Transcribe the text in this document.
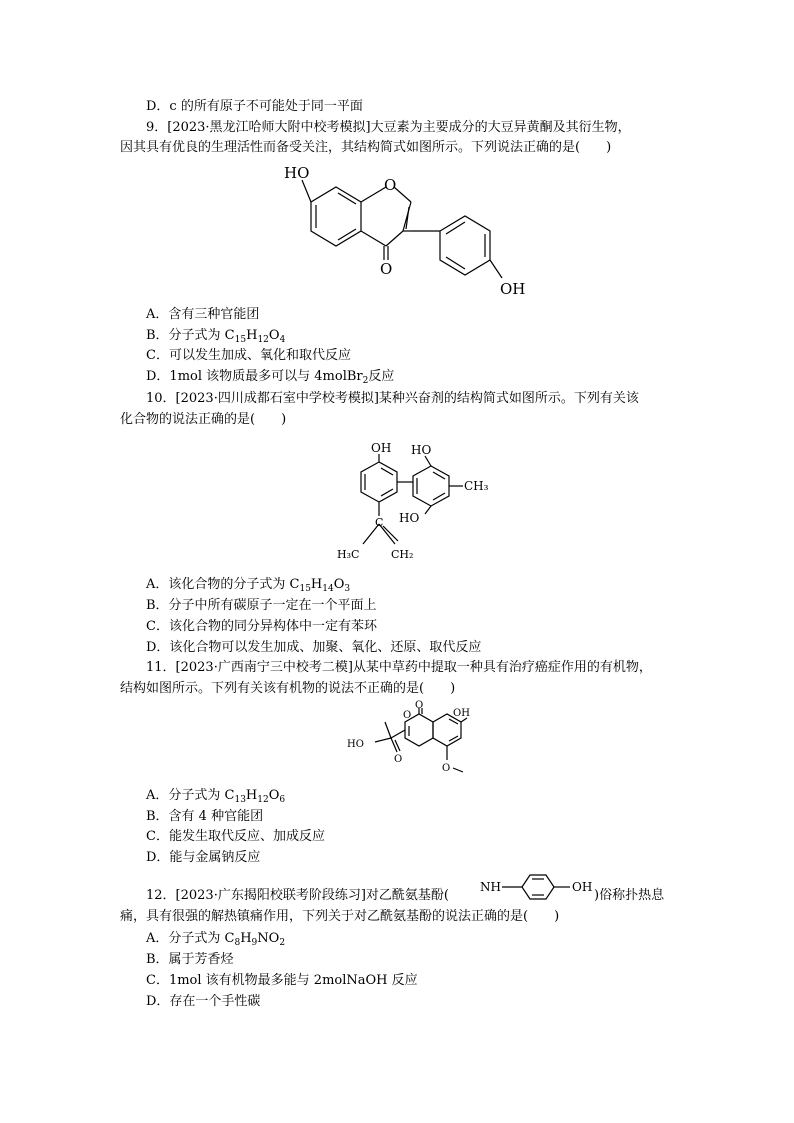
D．c 的所有原子不可能处于同一平面
9．[2023·黑龙江哈师大附中校考模拟]大豆素为主要成分的大豆异黄酮及其衍生物，
因其具有优良的生理活性而备受关注，其结构简式如图所示。下列说法正确的是(　　)
HO
O
O
OH
A．含有三种官能团
B．分子式为 $C_{15}H_{12}O_4$
C．可以发生加成、氧化和取代反应
D．1mol 该物质最多可以与 4molBr$_2$反应
10．[2023·四川成都石室中学校考模拟]某种兴奋剂的结构简式如图所示。下列有关该
化合物的说法正确的是(　　)
OH HO
CH₃
HO
C
H₃C	CH₂
A．该化合物的分子式为 $C_{15}H_{14}O_3$
B．分子中所有碳原子一定在一个平面上
C．该化合物的同分异构体中一定有苯环
D．该化合物可以发生加成、加聚、氧化、还原、取代反应
11．[2023·广西南宁三中校考二模]从某中草药中提取一种具有治疗癌症作用的有机物，
结构如图所示。下列有关该有机物的说法不正确的是(　　)
O
O
OH
HO
O
O
A．分子式为 $C_{13}H_{12}O_6$
B．含有 4 种官能团
C．能发生取代反应、加成反应
D．能与金属钠反应
12．[2023·广东揭阳校联考阶段练习]对乙酰氨基酚(
NH	OH
)俗称扑热息
痛，具有很强的解热镇痛作用，下列关于对乙酰氨基酚的说法正确的是(　　)
A．分子式为 $C_8H_9NO_2$
B．属于芳香烃
C．1mol 该有机物最多能与 2molNaOH 反应
D．存在一个手性碳
